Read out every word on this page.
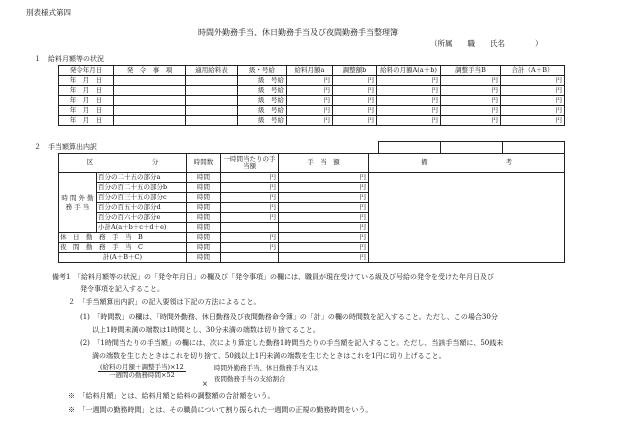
別表様式第四
時間外勤務手当、休日勤務手当及び夜間勤務手当整理簿
（所属　　職　　氏名　　　　）
１　給料月額等の状況
発令年月日	発　令　事　項	適用給料表	級・号給	給料月額a	調整額b	給料の月額A(a＋b)	調整手当B	合計（A＋B）
年　月　日			級　号給	円	円	円	円	円
年　月　日			級　号給	円	円	円	円	円
年　月　日			級　号給	円	円	円	円	円
年　月　日			級　号給	円	円	円	円	円
年　月　日			級　号給	円	円	円	円	円

２　手当額算出内訳
区　　　　　　　　　分		時間数	一時間当たりの手当額	手　当　額	備　　　　　　　　　　　　考
時 間 外 勤 務 手 当	百分の二十五の部分a	時間	円	円	
	百分の百二十五の部分b	時間	円	円	
	百分の百三十五の部分c	時間	円	円	
	百分の百五十の部分d	時間	円	円	
	百分の百六十の部分e	時間	円	円	
	小計A(a＋b＋c＋d＋e)	時間		円	
休　日　勤　務　手　当　B		時間	円	円	
夜　間　勤　務　手　当　C		時間	円	円	
計(A＋B＋C)		時間		円	
備考1　「給料月額等の状況」の「発令年月日」の欄及び「発令事項」の欄には、職員が現在受けている級及び号給の発令を受けた年月日及び
発令事項を記入すること。
２　「手当額算出内訳」の記入要領は下記の方法によること。
(1)　「時間数」の欄は、「時間外勤務、休日勤務及び夜間勤務命令簿」の「計」の欄の時間数を記入すること。ただし、この場合30分
以上1時間未満の端数は1時間とし、30分未満の端数は切り捨てること。
(2)　「1時間当たりの手当額」の欄には、次により算定した勤務1時間当たりの手当額を記入すること。ただし、当該手当額に、50銭未
満の端数を生じたときはこれを切り捨て、50銭以上1円未満の端数を生じたときはこれを1円に切り上げること。
(給料の月額＋調整手当)×12
一週間の勤務時間×52
×
時間外勤務手当、休日勤務手当又は
夜間勤務手当の支給割合
※　「給料月額」とは、給料月額と給料の調整額の合計額をいう。
※　「一週間の勤務時間」とは、その職員について割り振られた一週間の正規の勤務時間をいう。
